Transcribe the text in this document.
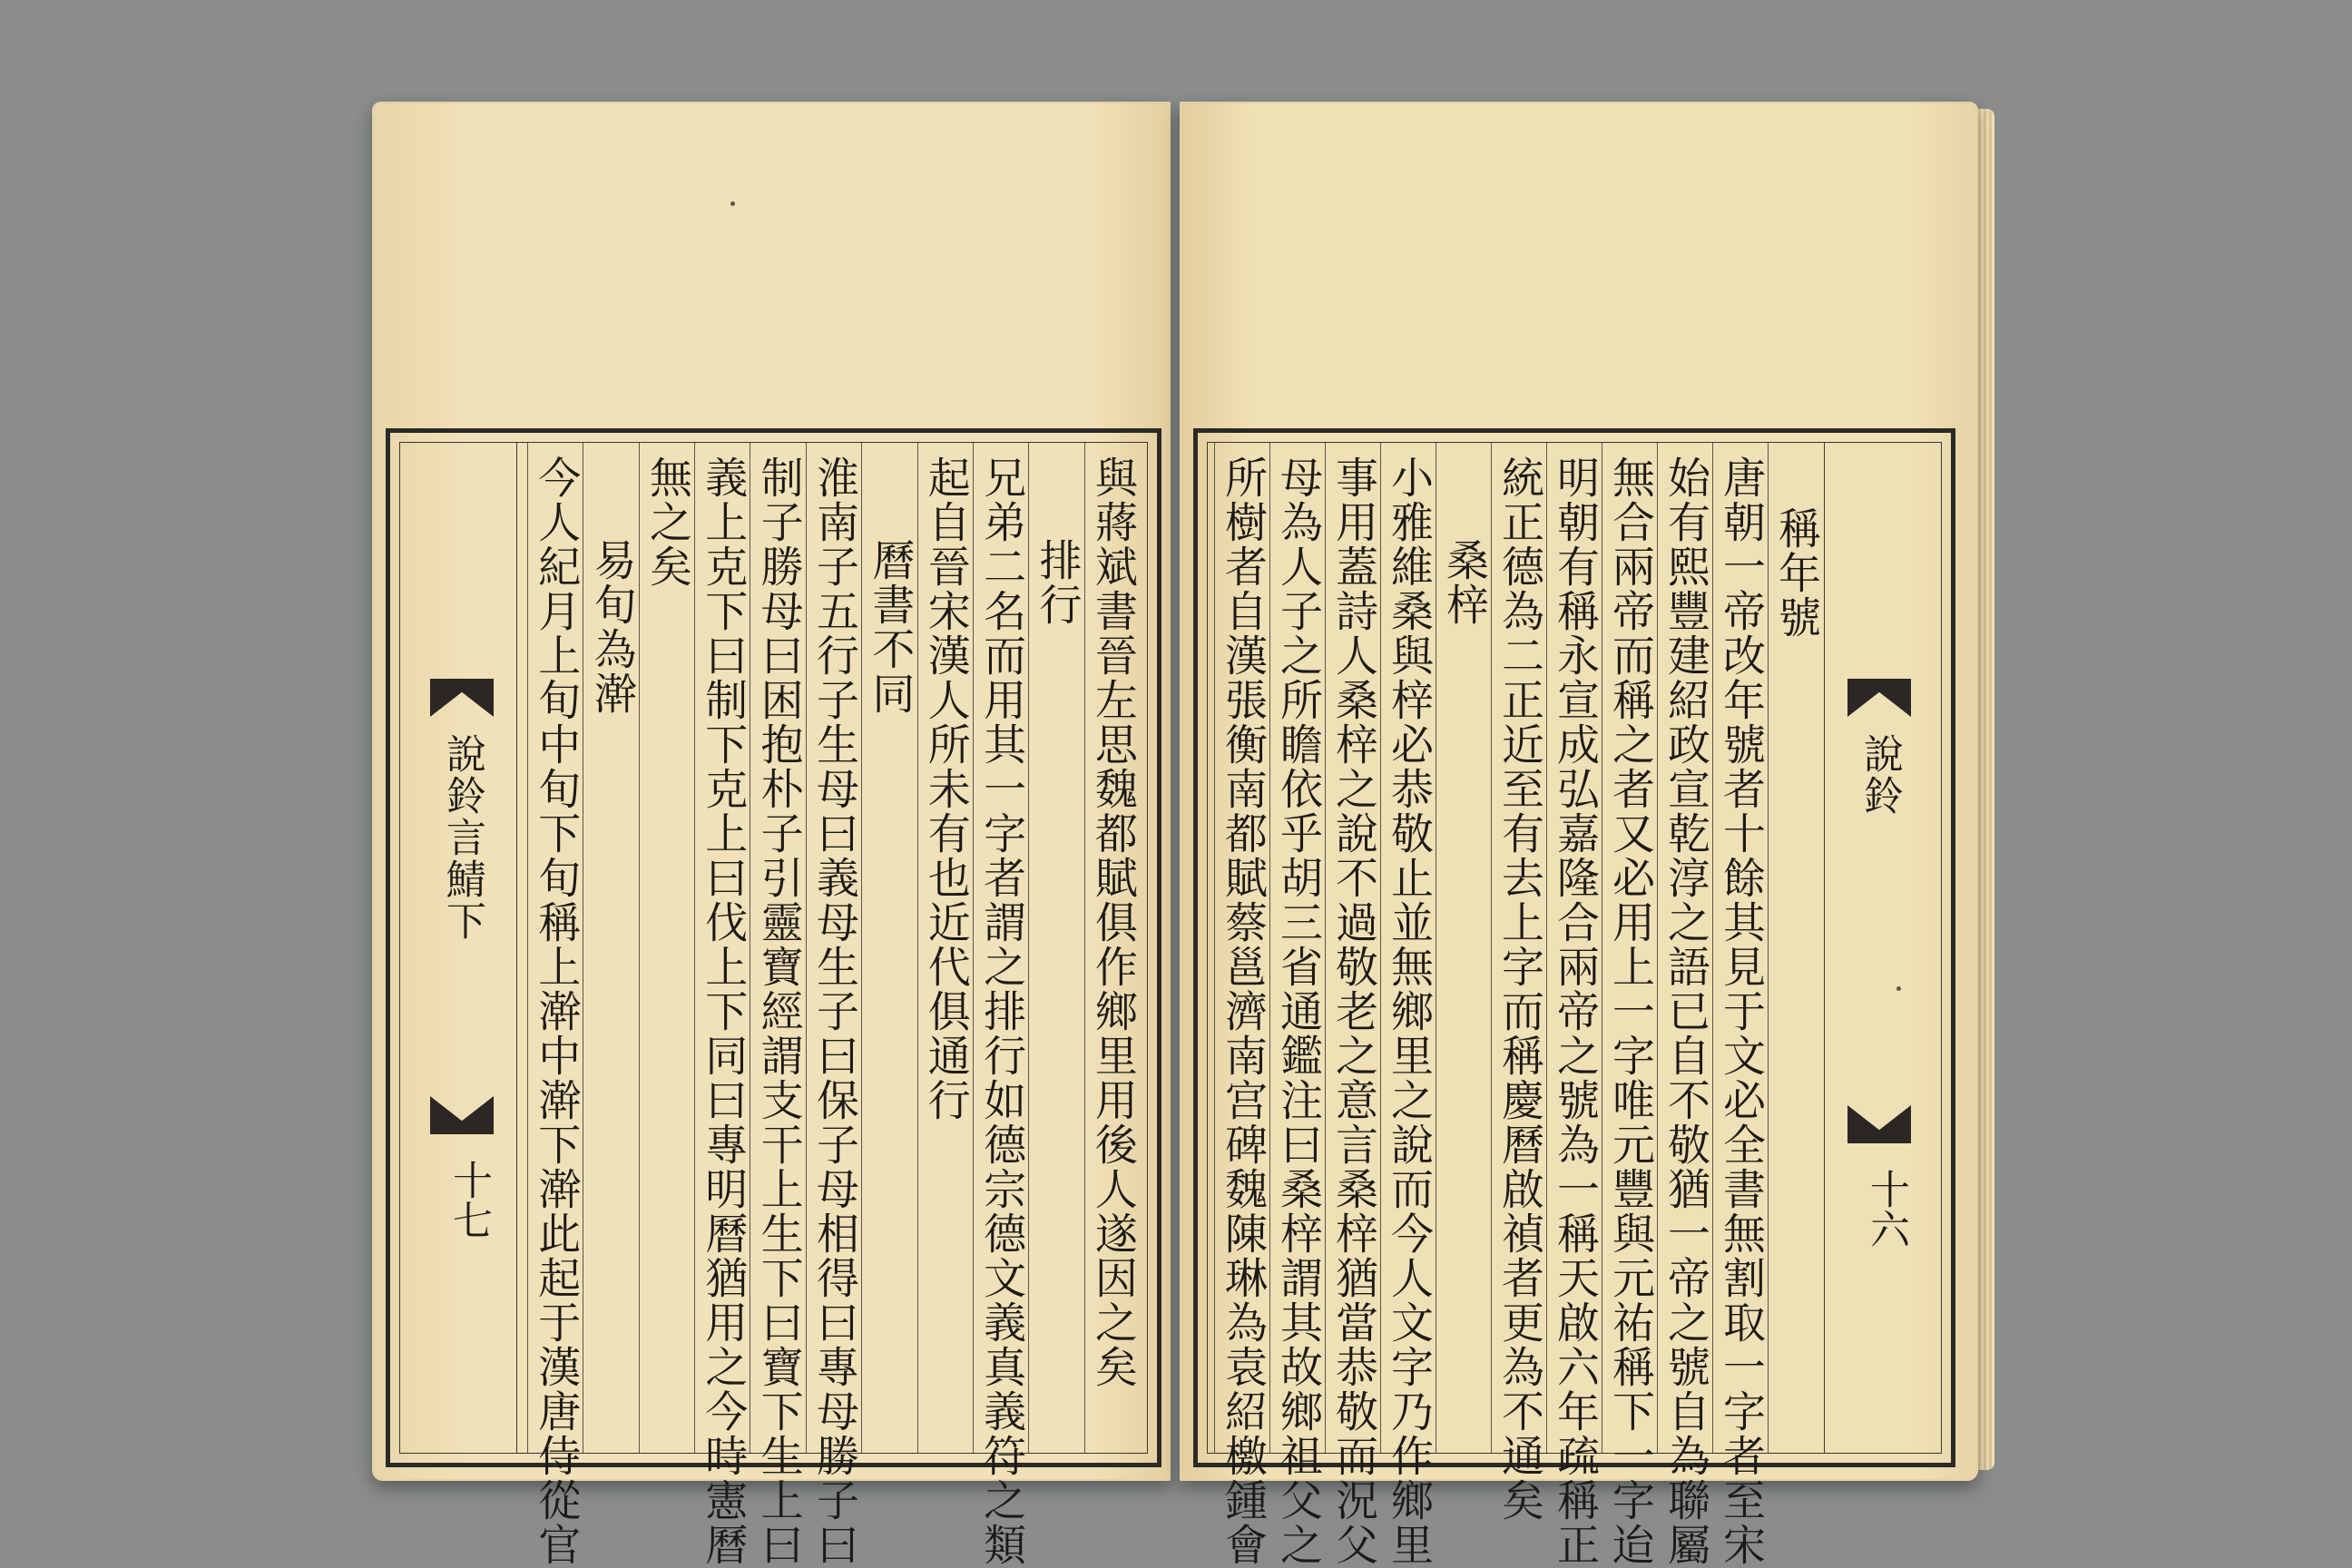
與蔣斌書晉左思魏都賦俱作鄉里用後人遂因之矣
排行
兄弟二名而用其一字者謂之排行如德宗德文義真義符之類
起自晉宋漢人所未有也近代俱通行
曆書不同
淮南子五行子生母曰義母生子曰保子母相得曰專母勝子曰
制子勝母曰困抱朴子引靈寶經謂支干上生下曰寶下生上曰
義上克下曰制下克上曰伐上下同曰專明曆猶用之今時憲曆
無之矣
易旬為澣
今人紀月上旬中旬下旬稱上澣中澣下澣此起于漢唐侍從官
說鈴言鯖下
十七
稱年號
唐朝一帝改年號者十餘其見于文必全書無割取一字者至宋
始有熙豐建紹政宣乾淳之語已自不敬猶一帝之號自為聯屬
無合兩帝而稱之者又必用上一字唯元豐與元祐稱下一字迨
明朝有稱永宣成弘嘉隆合兩帝之號為一稱天啟六年疏稱正
統正德為二正近至有去上字而稱慶曆啟禎者更為不通矣
桑梓
小雅維桑與梓必恭敬止並無鄉里之說而今人文字乃作鄉里
事用蓋詩人桑梓之說不過敬老之意言桑梓猶當恭敬而況父
母為人子之所瞻依乎胡三省通鑑注曰桑梓謂其故鄉祖父之
所樹者自漢張衡南都賦蔡邕濟南宫碑魏陳琳為袁紹檄鍾會	說鈴
十六
